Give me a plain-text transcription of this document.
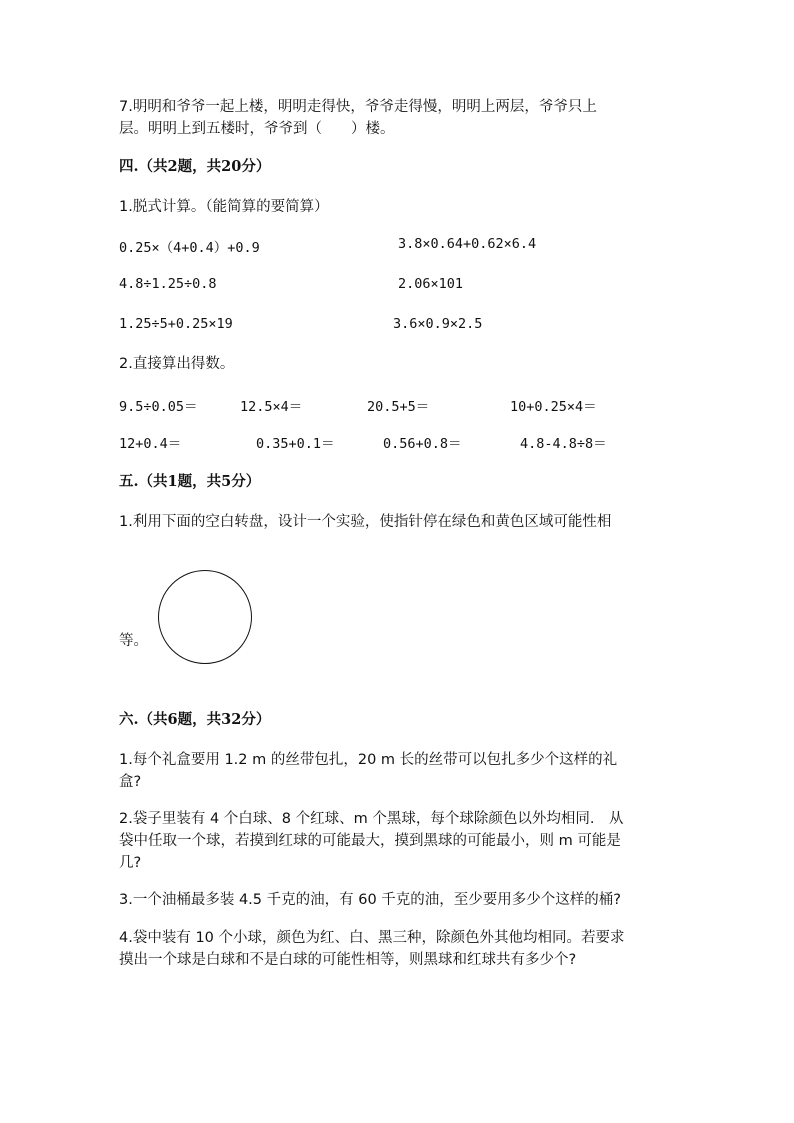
7.明明和爷爷一起上楼，明明走得快，爷爷走得慢，明明上两层，爷爷只上
层。明明上到五楼时，爷爷到（　　）楼。
四.（共2题，共20分）
1.脱式计算。（能简算的要简算）
0.25×（4+0.4）+0.9	3.8×0.64+0.62×6.4
4.8÷1.25÷0.8	2.06×101
1.25÷5+0.25×19	3.6×0.9×2.5
2.直接算出得数。
9.5÷0.05＝	12.5×4＝	20.5+5＝	10+0.25×4＝
12+0.4＝	0.35+0.1＝	0.56+0.8＝	4.8-4.8÷8＝
五.（共1题，共5分）
1.利用下面的空白转盘，设计一个实验，使指针停在绿色和黄色区域可能性相
等。
六.（共6题，共32分）
1.每个礼盒要用 1.2 m 的丝带包扎，20 m 长的丝带可以包扎多少个这样的礼
盒?
2.袋子里装有 4 个白球、8 个红球、m 个黑球，每个球除颜色以外均相同.　从
袋中任取一个球，若摸到红球的可能最大，摸到黑球的可能最小，则 m 可能是
几?
3.一个油桶最多装 4.5 千克的油，有 60 千克的油，至少要用多少个这样的桶?
4.袋中装有 10 个小球，颜色为红、白、黑三种，除颜色外其他均相同。若要求
摸出一个球是白球和不是白球的可能性相等，则黑球和红球共有多少个?
